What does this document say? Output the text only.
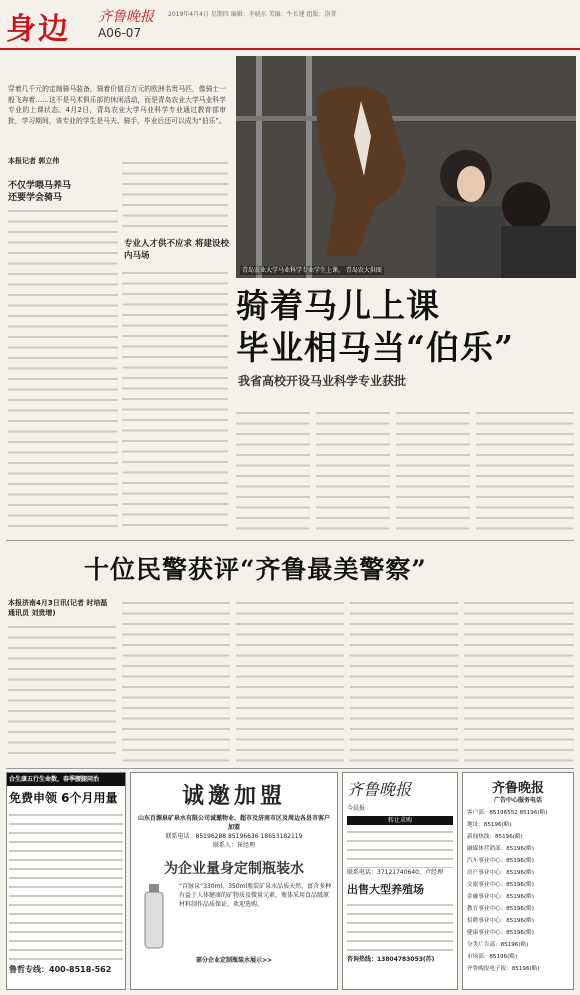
身边 齐鲁晚报
A06-07
2019年4月4日 星期四 编辑：李晓东 美编：牛长建 组版：洛菁
穿着几千元的定制骑马装备，骑着价值百万元的欧洲名贵马匹，像骑士一般飞奔着……这不是马术俱乐部的休闲活动，而是青岛农业大学马业科学专业的上课状态。4月2日，青岛农业大学马业科学专业通过教育部审批，学习期间，该专业的学生是马夫、骑手，毕业后还可以成为“伯乐”。
本报记者 郭立伟
不仅学喂马养马 还要学会骑马
专业人才供不应求 将建设校内马场
青岛农业大学马业科学专业学生上课。 青岛农大供图
骑着马儿上课
毕业相马当“伯乐”
我省高校开设马业科学专业获批
十位民警获评“齐鲁最美警察”
本报济南4月3日讯(记者 时培磊 通讯员 刘贵增)
合生康五行生命数，春季腰腿同治
免费申领 6个月用量
鲁哲专线：400-8518-562
诚邀加盟
山东百源泉矿泉水有限公司诚邀物业、超市及济南市区及周边各县市客户加盟
联系电话：85196288 85196636 18653182119
联系人：崔经理
为企业量身定制瓶装水
“百脉泉”330ml、350ml瓶装矿泉水品质天然，富含多种有益于人体健康的矿物质及微量元素，瓶体采用食品级原材料制作品质保证，欢迎选购。
部分企业定制瓶装水展示>>
齐鲁晚报
今晨报
转让求购
联系电话：37121740640，卢经理
出售大型养殖场
咨询热线：13804783053(苏)
齐鲁晚报
广告中心服务电话
客户部：85196552 85196(略)
地址：85196(略)
新闻热线：85196(略)
融媒体营销部：85196(略)
汽车事业中心：85196(略)
房产事业中心：85196(略)
文旅事业中心：85196(略)
金融事业中心：85196(略)
教育事业中心：85196(略)
招聘事业中心：85196(略)
健康事业中心：85196(略)
分类广告部：85196(略)
市场部：85196(略)
齐鲁晚报电子报：85196(略)
